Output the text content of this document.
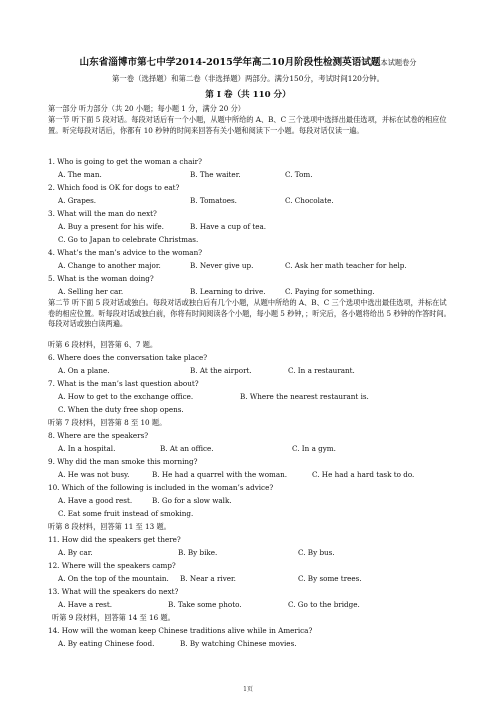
山东省淄博市第七中学2014-2015学年高二10月阶段性检测英语试题本试题卷分
第一卷（选择题）和第二卷（非选择题）两部分。满分150分，考试时间120分钟。
第 I 卷（共 110 分）
第一部分 听力部分（共 20 小题；每小题 1 分，满分 20 分）
第一节 听下面 5 段对话。每段对话后有一个小题，从题中所给的 A、B、C 三个选项中选择出最佳选项，并标在试卷的相应位置。听完每段对话后，你都有 10 秒钟的时间来回答有关小题和阅读下一小题。每段对话仅读一遍。
1. Who is going to get the woman a chair?
A. The man.	B. The waiter.	C. Tom.
2. Which food is OK for dogs to eat?
A. Grapes.	B. Tomatoes.	C. Chocolate.
3. What will the man do next?
A. Buy a present for his wife.	B. Have a cup of tea.
C. Go to Japan to celebrate Christmas.
4. What’s the man’s advice to the woman?
A. Change to another major.	B. Never give up.	C. Ask her math teacher for help.
5. What is the woman doing?
A. Selling her car.	B. Learning to drive.	C. Paying for something.
第二节 听下面 5 段对话或独白。每段对话或独白后有几个小题，从题中所给的 A、B、C 三个选项中选出最佳选项，并标在试卷的相应位置。听每段对话或独白前，你将有时间阅读各个小题，每小题 5 秒钟，；听完后，各小题将给出 5 秒钟的作答时间。每段对话或独白读两遍。
听第 6 段材料，回答第 6、7 题。
6. Where does the conversation take place?
A. On a plane.	B. At the airport.	C. In a restaurant.
7. What is the man’s last question about?
A. How to get to the exchange office.	B. Where the nearest restaurant is.
C. When the duty free shop opens.
听第 7 段材料，回答第 8 至 10 题。
8. Where are the speakers?
A. In a hospital.	B. At an office.	C. In a gym.
9. Why did the man smoke this morning?
A. He was not busy.	B. He had a quarrel with the woman.	C. He had a hard task to do.
10. Which of the following is included in the woman’s advice?
A. Have a good rest.	B. Go for a slow walk.
C. Eat some fruit instead of smoking.
听第 8 段材料，回答第 11 至 13 题。
11. How did the speakers get there?
A. By car.	B. By bike.	C. By bus.
12. Where will the speakers camp?
A. On the top of the mountain. B. Near a river.	C. By some trees.
13. What will the speakers do next?
A. Have a rest.	B. Take some photo.	C. Go to the bridge.
听第 9 段材料，回答第 14 至 16 题。
14. How will the woman keep Chinese traditions alive while in America?
A. By eating Chinese food.	B. By watching Chinese movies.
1页
